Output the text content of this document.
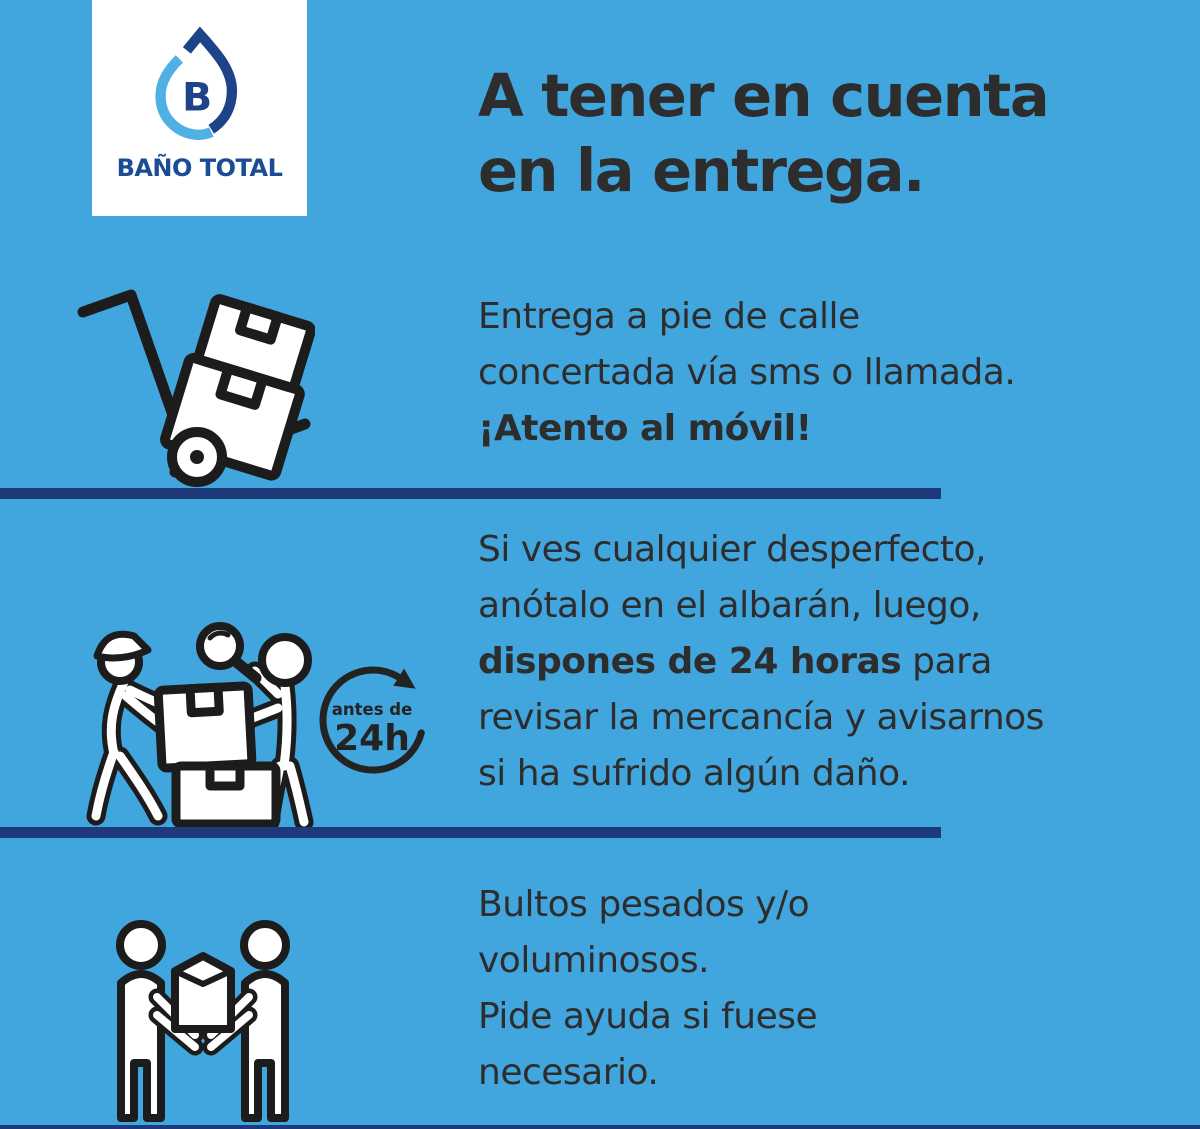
B
BAÑO TOTAL
A tener en cuenta
en la entrega.
Entrega a pie de calle
concertada vía sms o llamada.
¡Atento al móvil!
antes de
24h
Si ves cualquier desperfecto,
anótalo en el albarán, luego,
dispones de 24 horas para
revisar la mercancía y avisarnos
si ha sufrido algún daño.
Bultos pesados y/o
voluminosos.
Pide ayuda si fuese
necesario.
